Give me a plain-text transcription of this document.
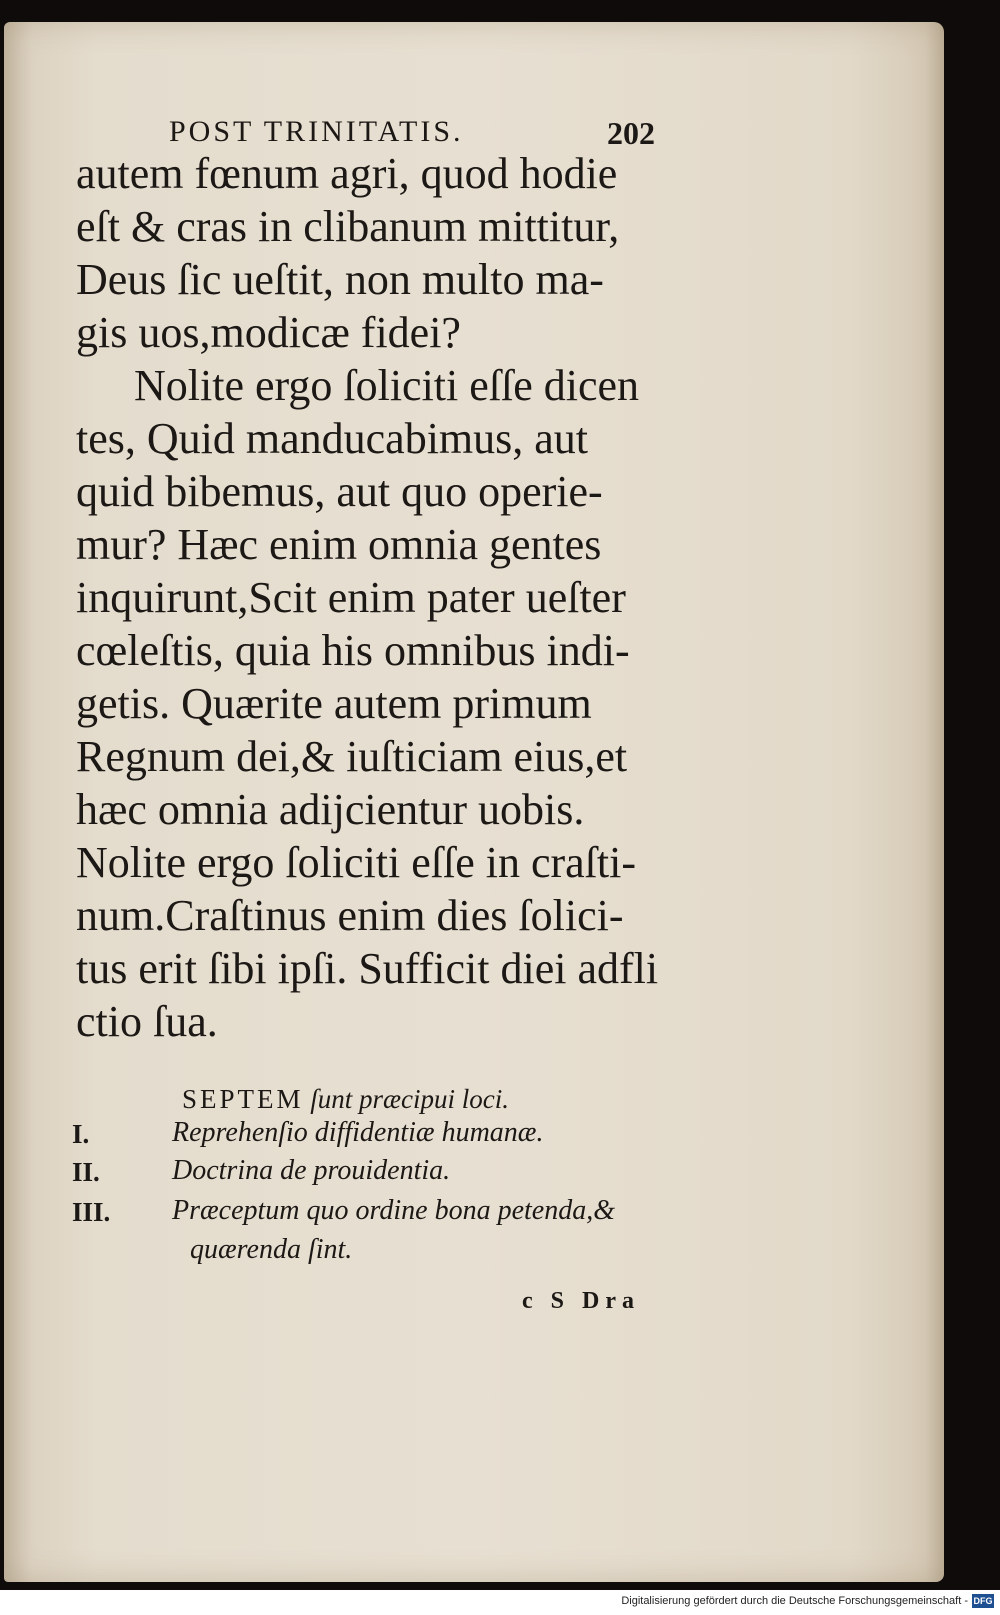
POST TRINITATIS.	202
autem fœnum agri, quod hodie
eſt & cras in clibanum mittitur,
Deus ſic ueſtit, non multo ma-
gis uos,modicæ fidei?
Nolite ergo ſoliciti eſſe dicen
tes, Quid manducabimus, aut
quid bibemus, aut quo operie-
mur? Hæc enim omnia gentes
inquirunt,Scit enim pater ueſter
cœleſtis, quia his omnibus indi-
getis. Quærite autem primum
Regnum dei,& iuſticiam eius,et
hæc omnia adijcientur uobis.
Nolite ergo ſoliciti eſſe in craſti-
num.Craſtinus enim dies ſolici-
tus erit ſibi ipſi. Sufficit diei adfli
ctio ſua.
SEPTEM ſunt præcipui loci.
I.	Reprehenſio diffidentiæ humanæ.
II.	Doctrina de prouidentia.
III. Præceptum quo ordine bona petenda,&
quærenda ſint.
c S Dra
Digitalisierung gefördert durch die Deutsche Forschungsgemeinschaft - DFG
